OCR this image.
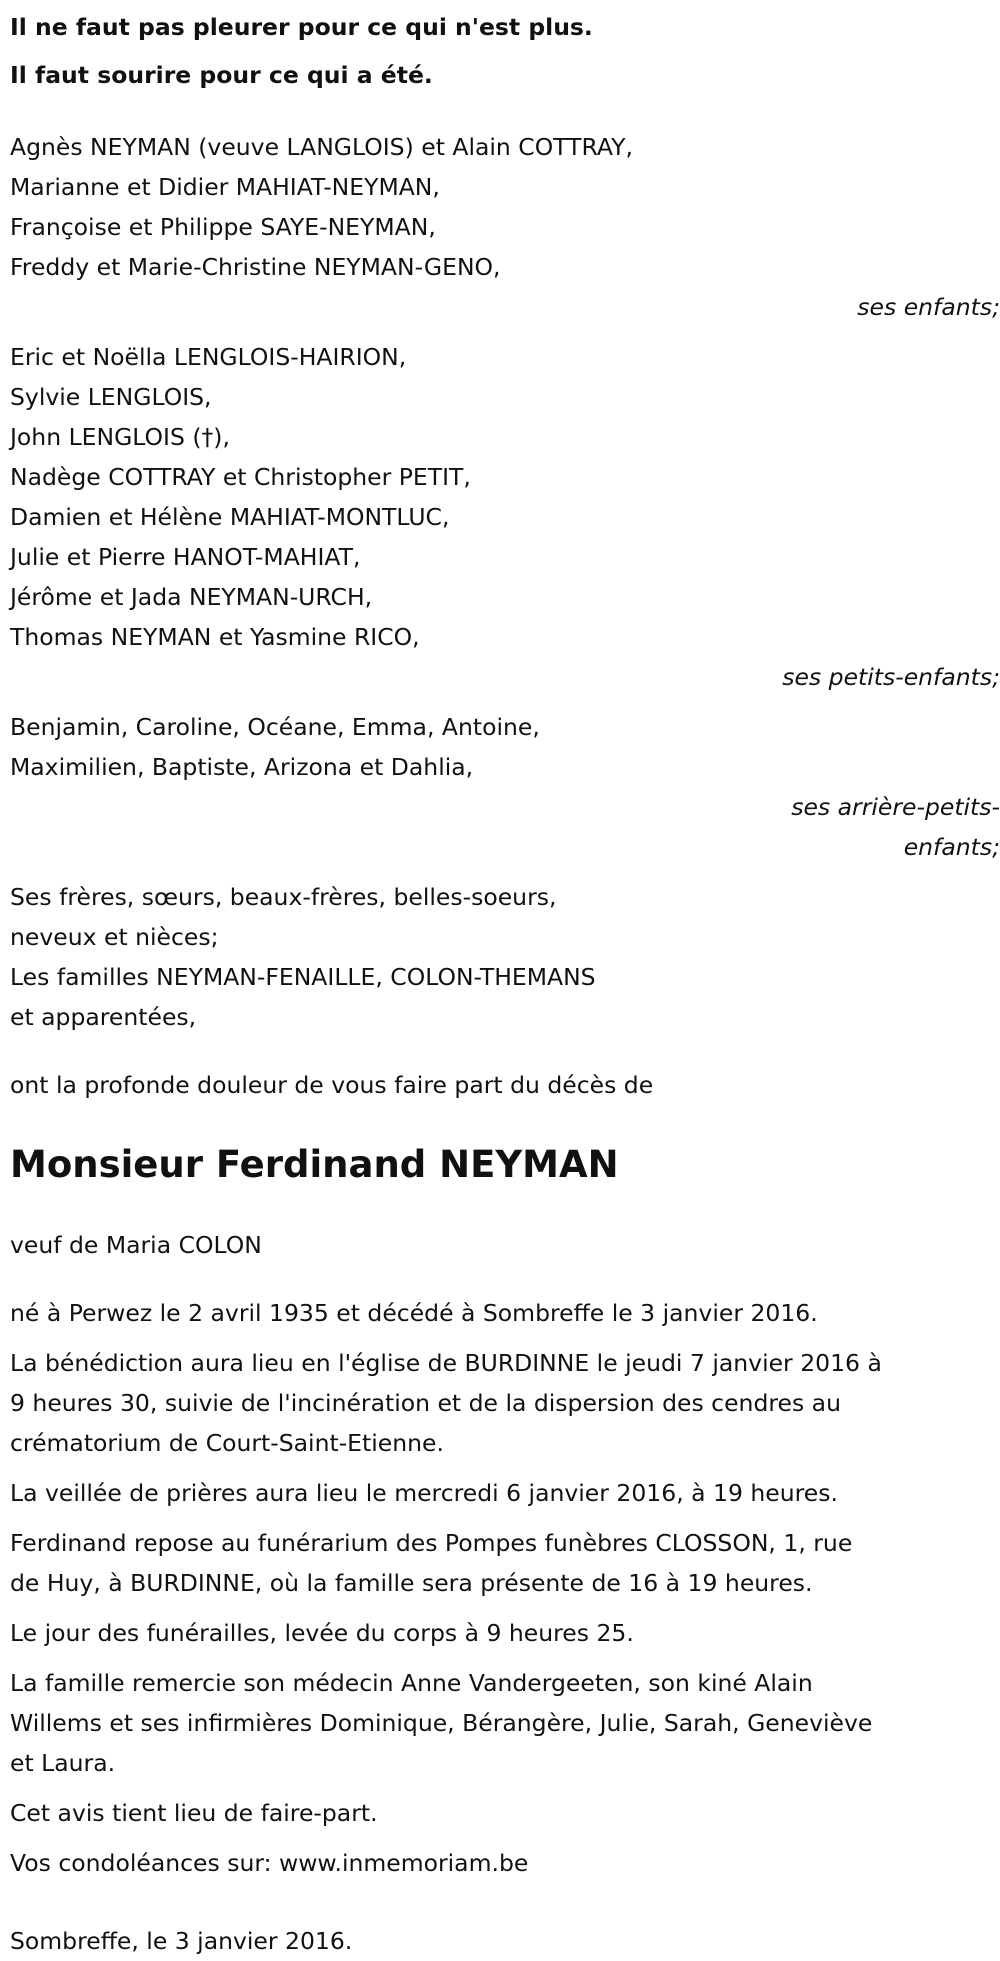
Il ne faut pas pleurer pour ce qui n'est plus.
Il faut sourire pour ce qui a été.
Agnès NEYMAN (veuve LANGLOIS) et Alain COTTRAY,
Marianne et Didier MAHIAT-NEYMAN,
Françoise et Philippe SAYE-NEYMAN,
Freddy et Marie-Christine NEYMAN-GENO,
ses enfants;
Eric et Noëlla LENGLOIS-HAIRION,
Sylvie LENGLOIS,
John LENGLOIS (†),
Nadège COTTRAY et Christopher PETIT,
Damien et Hélène MAHIAT-MONTLUC,
Julie et Pierre HANOT-MAHIAT,
Jérôme et Jada NEYMAN-URCH,
Thomas NEYMAN et Yasmine RICO,
ses petits-enfants;
Benjamin, Caroline, Océane, Emma, Antoine,
Maximilien, Baptiste, Arizona et Dahlia,
ses arrière-petits-
enfants;
Ses frères, sœurs, beaux-frères, belles-soeurs,
neveux et nièces;
Les familles NEYMAN-FENAILLE, COLON-THEMANS
et apparentées,
ont la profonde douleur de vous faire part du décès de
Monsieur Ferdinand NEYMAN
veuf de Maria COLON
né à Perwez le 2 avril 1935 et décédé à Sombreffe le 3 janvier 2016.
La bénédiction aura lieu en l'église de BURDINNE le jeudi 7 janvier 2016 à
9 heures 30, suivie de l'incinération et de la dispersion des cendres au
crématorium de Court-Saint-Etienne.
La veillée de prières aura lieu le mercredi 6 janvier 2016, à 19 heures.
Ferdinand repose au funérarium des Pompes funèbres CLOSSON, 1, rue
de Huy, à BURDINNE, où la famille sera présente de 16 à 19 heures.
Le jour des funérailles, levée du corps à 9 heures 25.
La famille remercie son médecin Anne Vandergeeten, son kiné Alain
Willems et ses infirmières Dominique, Bérangère, Julie, Sarah, Geneviève
et Laura.
Cet avis tient lieu de faire-part.
Vos condoléances sur: www.inmemoriam.be
Sombreffe, le 3 janvier 2016.
